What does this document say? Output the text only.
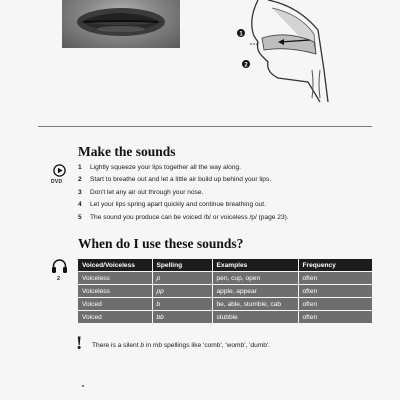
1
2
Make the sounds
DVD
1	Lightly squeeze your lips together all the way along.
2	Start to breathe out and let a little air build up behind your lips.
3	Don't let any air out through your nose.
4	Let your lips spring apart quickly and continue breathing out.
5	The sound you produce can be voiced /b/ or voiceless /p/ (page 23).
When do I use these sounds?
2
Voiced/Voiceless	Spelling	Examples	Frequency
Voiceless	p	pen, cup, open	often
Voiceless	pp	apple, appear	often
Voiced	b	be, able, stumble, cab	often
Voiced	bb	stubble	often
! There is a silent b in mb spellings like 'comb', 'womb', 'dumb'.
